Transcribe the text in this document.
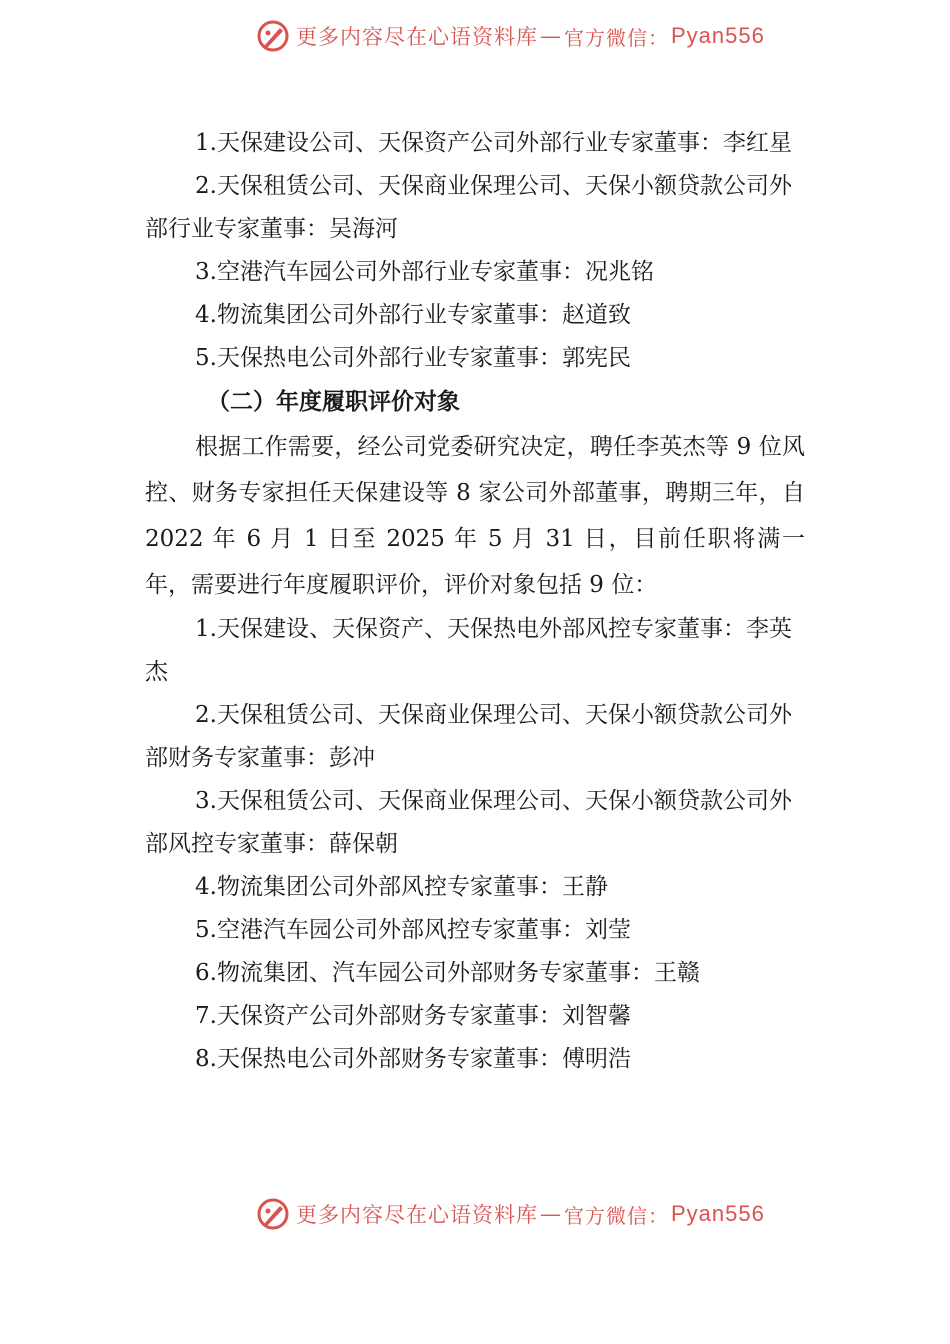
更多内容尽在心语资料库 — 官方微信： Pyan556

1.天保建设公司、天保资产公司外部行业专家董事：李红星

2.天保租赁公司、天保商业保理公司、天保小额贷款公司外部行业专家董事：吴海河

3.空港汽车园公司外部行业专家董事：况兆铭

4.物流集团公司外部行业专家董事：赵道致

5.天保热电公司外部行业专家董事：郭宪民

（二）年度履职评价对象

根据工作需要，经公司党委研究决定，聘任李英杰等 9 位风控、财务专家担任天保建设等 8 家公司外部董事，聘期三年，自 2022 年 6 月 1 日至 2025 年 5 月 31 日，目前任职将满一年，需要进行年度履职评价，评价对象包括 9 位：

1.天保建设、天保资产、天保热电外部风控专家董事：李英杰

2.天保租赁公司、天保商业保理公司、天保小额贷款公司外部财务专家董事：彭冲

3.天保租赁公司、天保商业保理公司、天保小额贷款公司外部风控专家董事：薛保朝

4.物流集团公司外部风控专家董事：王静

5.空港汽车园公司外部风控专家董事：刘莹

6.物流集团、汽车园公司外部财务专家董事：王赣

7.天保资产公司外部财务专家董事：刘智馨

8.天保热电公司外部财务专家董事：傅明浩

更多内容尽在心语资料库 — 官方微信： Pyan556
